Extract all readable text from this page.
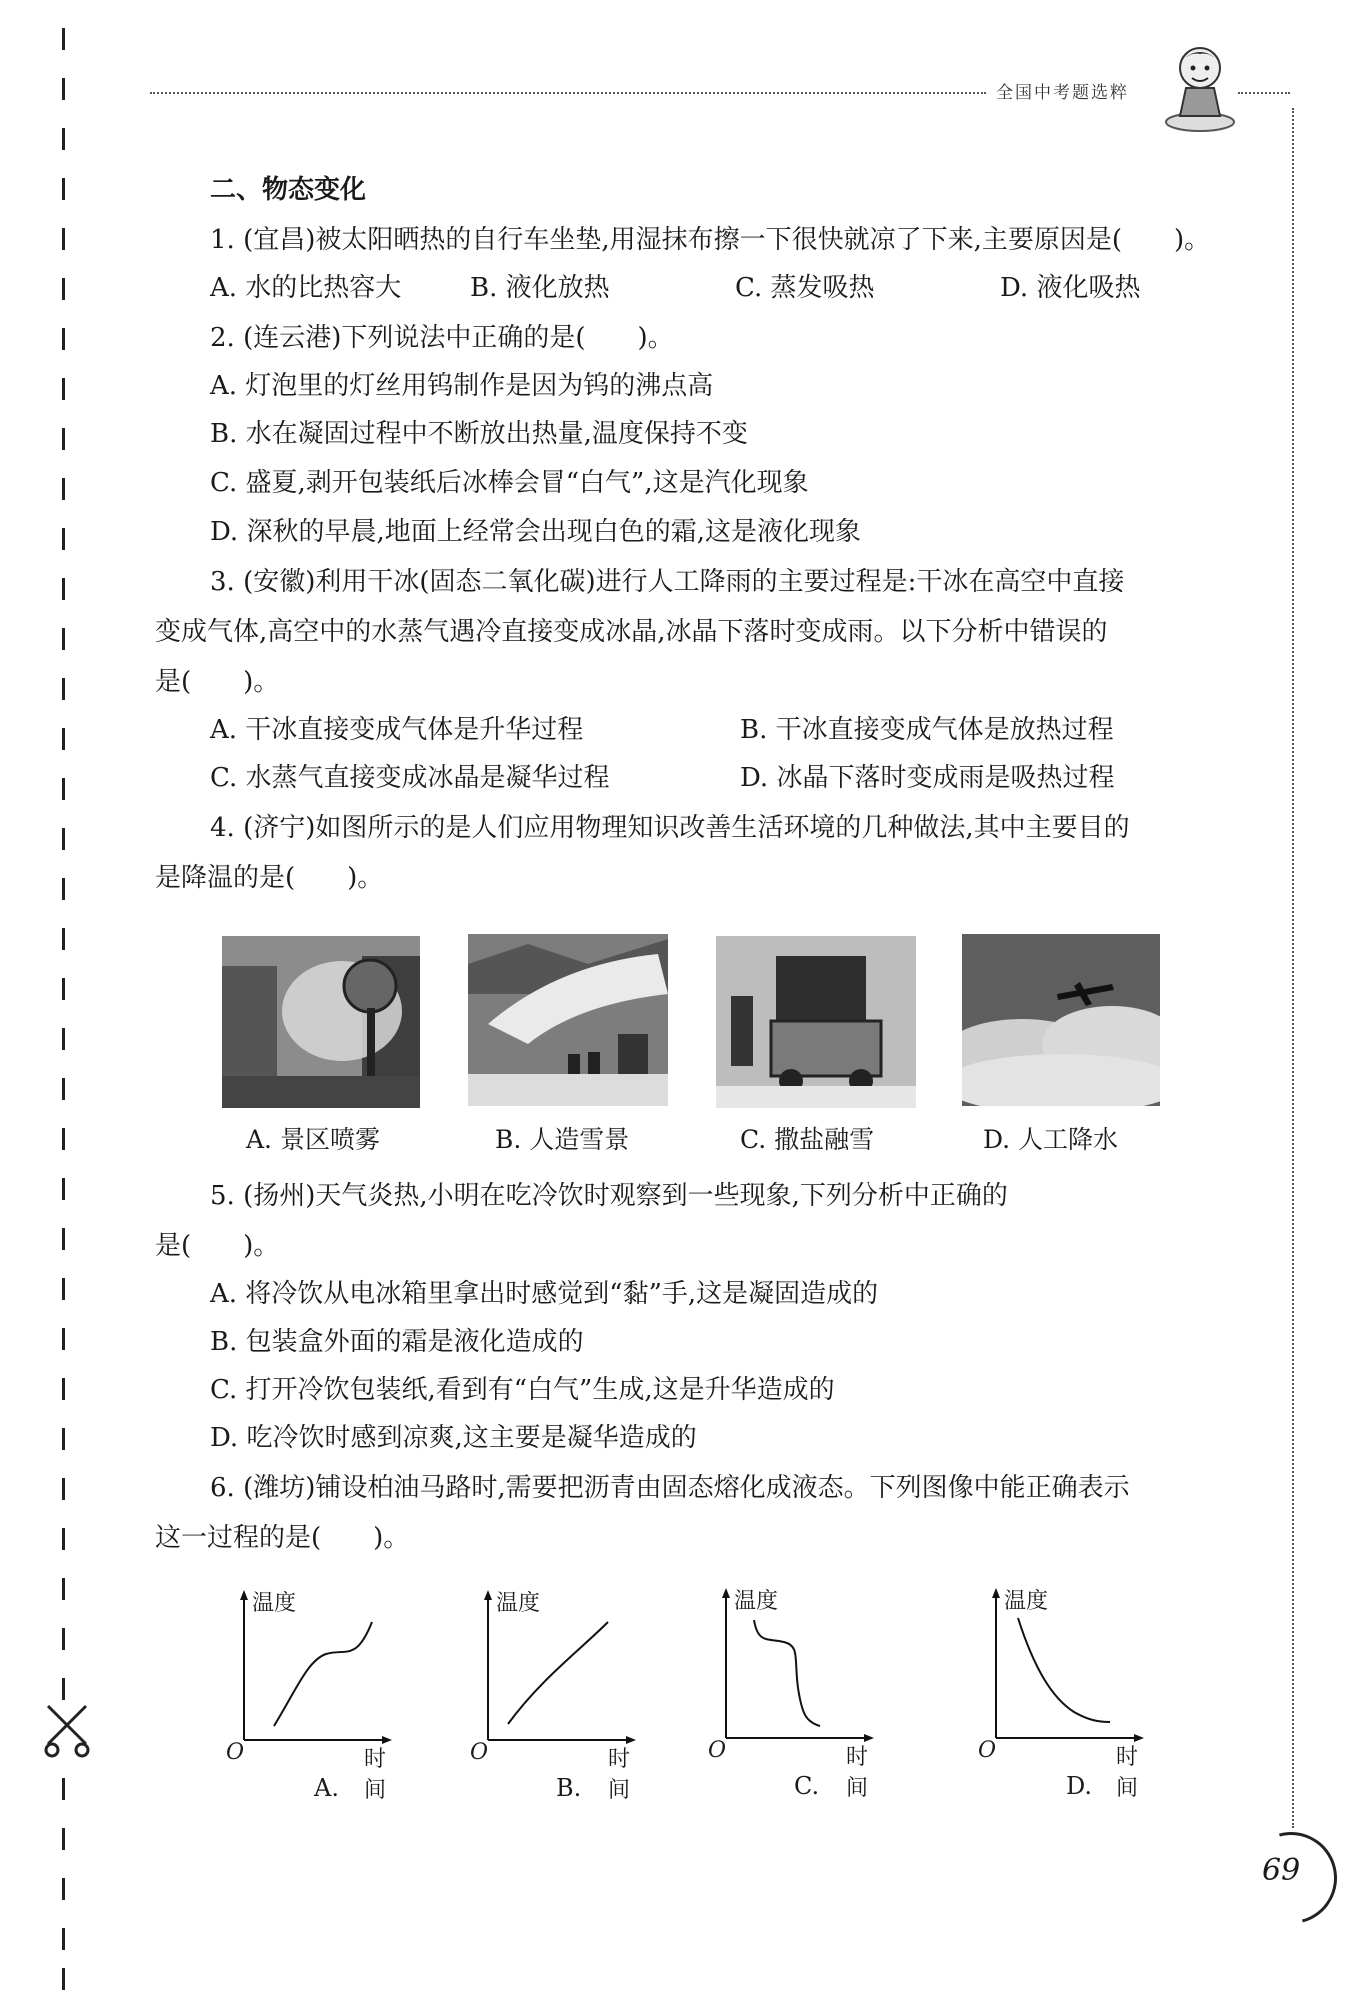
全国中考题选粹
二、物态变化
1. (宜昌)被太阳晒热的自行车坐垫,用湿抹布擦一下很快就凉了下来,主要原因是(　　)。
A. 水的比热容大	B. 液化放热	C. 蒸发吸热	D. 液化吸热
2. (连云港)下列说法中正确的是(　　)。
A. 灯泡里的灯丝用钨制作是因为钨的沸点高
B. 水在凝固过程中不断放出热量,温度保持不变
C. 盛夏,剥开包装纸后冰棒会冒“白气”,这是汽化现象
D. 深秋的早晨,地面上经常会出现白色的霜,这是液化现象
3. (安徽)利用干冰(固态二氧化碳)进行人工降雨的主要过程是:干冰在高空中直接
变成气体,高空中的水蒸气遇冷直接变成冰晶,冰晶下落时变成雨。以下分析中错误的
是(　　)。
A. 干冰直接变成气体是升华过程	B. 干冰直接变成气体是放热过程
C. 水蒸气直接变成冰晶是凝华过程	D. 冰晶下落时变成雨是吸热过程
4. (济宁)如图所示的是人们应用物理知识改善生活环境的几种做法,其中主要目的
是降温的是(　　)。
A. 景区喷雾	B. 人造雪景	C. 撒盐融雪	D. 人工降水
5. (扬州)天气炎热,小明在吃冷饮时观察到一些现象,下列分析中正确的
是(　　)。
A. 将冷饮从电冰箱里拿出时感觉到“黏”手,这是凝固造成的
B. 包装盒外面的霜是液化造成的
C. 打开冷饮包装纸,看到有“白气”生成,这是升华造成的
D. 吃冷饮时感到凉爽,这主要是凝华造成的
6. (潍坊)铺设柏油马路时,需要把沥青由固态熔化成液态。下列图像中能正确表示
这一过程的是(　　)。
温度
O	时间
A.
温度
O	时间
B.
温度
O	时间
C.
温度
O	时间
D.
69
